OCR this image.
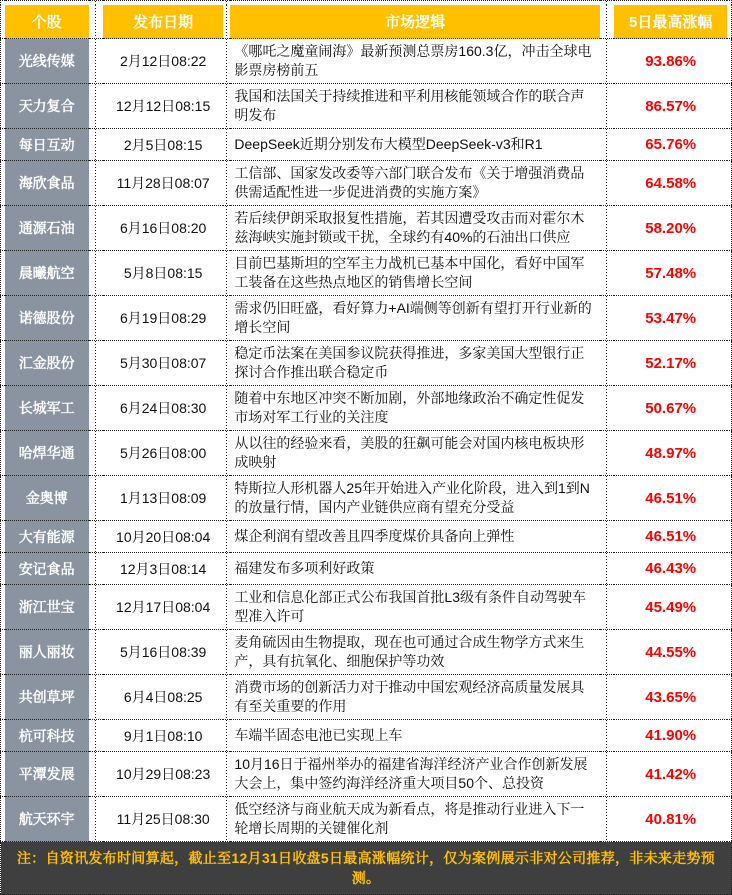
	个股		发布日期		市场逻辑		5日最高涨幅	
	光线传媒		2月12日08:22		《哪吒之魔童闹海》最新预测总票房160.3亿，冲击全球电影票房榜前五		93.86%	
	天力复合		12月12日08:15		我国和法国关于持续推进和平利用核能领域合作的联合声明发布		86.57%	
	每日互动		2月5日08:15		DeepSeek近期分别发布大模型DeepSeek-v3和R1		65.76%	
	海欣食品		11月28日08:07		工信部、国家发改委等六部门联合发布《关于增强消费品供需适配性进一步促进消费的实施方案》		64.58%	
	通源石油		6月16日08:20		若后续伊朗采取报复性措施，若其因遭受攻击而对霍尔木兹海峡实施封锁或干扰，全球约有40%的石油出口供应		58.20%	
	晨曦航空		5月8日08:15		目前巴基斯坦的空军主力战机已基本中国化，看好中国军工装备在这些热点地区的销售增长空间		57.48%	
	诺德股份		6月19日08:29		需求仍旧旺盛，看好算力+AI端侧等创新有望打开行业新的增长空间		53.47%	
	汇金股份		5月30日08:07		稳定币法案在美国参议院获得推进，多家美国大型银行正探讨合作推出联合稳定币		52.17%	
	长城军工		6月24日08:30		随着中东地区冲突不断加剧，外部地缘政治不确定性促发市场对军工行业的关注度		50.67%	
	哈焊华通		5月26日08:00		从以往的经验来看，美股的狂飙可能会对国内核电板块形成映射		48.97%	
	金奥博		1月13日08:09		特斯拉人形机器人25年开始进入产业化阶段，进入到1到N的放量行情，国内产业链供应商有望充分受益		46.51%	
	大有能源		10月20日08:04		煤企利润有望改善且四季度煤价具备向上弹性		46.51%	
	安记食品		12月3日08:14		福建发布多项利好政策		46.43%	
	浙江世宝		12月17日08:04		工业和信息化部正式公布我国首批L3级有条件自动驾驶车型准入许可		45.49%	
	丽人丽妆		5月16日08:39		麦角硫因由生物提取，现在也可通过合成生物学方式来生产，具有抗氧化、细胞保护等功效		44.55%	
	共创草坪		6月4日08:25		消费市场的创新活力对于推动中国宏观经济高质量发展具有至关重要的作用		43.65%	
	杭可科技		9月1日08:10		车端半固态电池已实现上车		41.90%	
	平潭发展		10月29日08:23		10月16日于福州举办的福建省海洋经济产业合作创新发展大会上，集中签约海洋经济重大项目50个、总投资		41.42%	
	航天环宇		11月25日08:30		低空经济与商业航天成为新看点，将是推动行业进入下一轮增长周期的关键催化剂		40.81%	
注：自资讯发布时间算起，截止至12月31日收盘5日最高涨幅统计，仅为案例展示非对公司推荐，非未来走势预测。								
